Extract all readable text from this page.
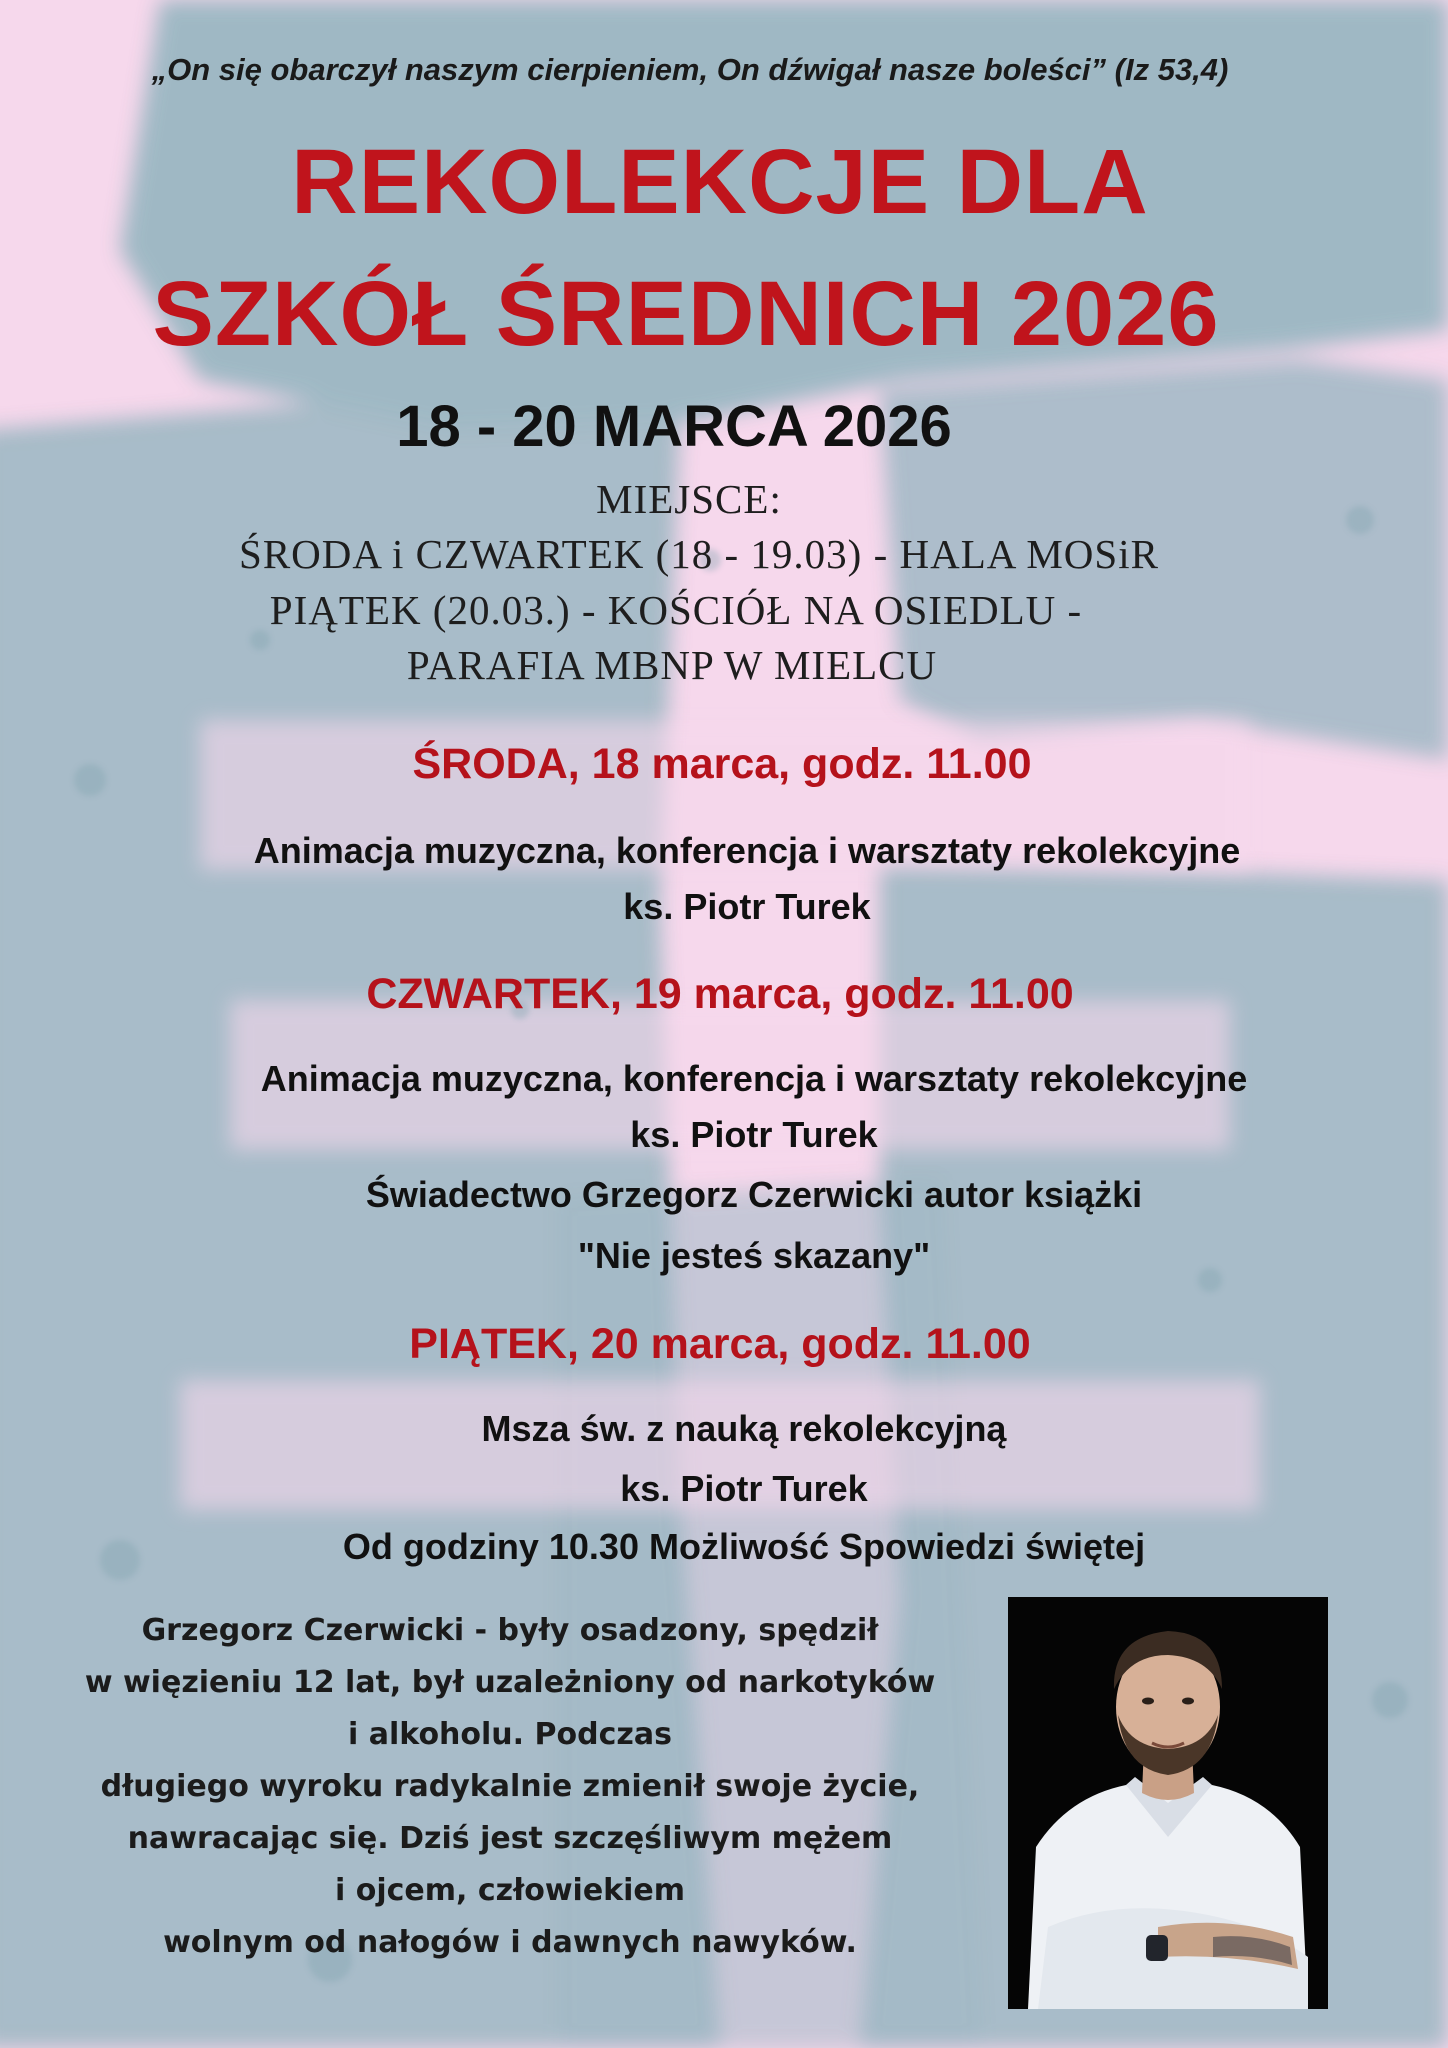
„On się obarczył naszym cierpieniem, On dźwigał nasze boleści” (Iz 53,4)
REKOLEKCJE DLA
SZKÓŁ ŚREDNICH 2026
18 - 20 MARCA 2026
MIEJSCE:
ŚRODA i CZWARTEK (18 - 19.03) - HALA MOSiR
PIĄTEK (20.03.) - KOŚCIÓŁ NA OSIEDLU -
PARAFIA MBNP W MIELCU
ŚRODA, 18 marca, godz. 11.00
Animacja muzyczna, konferencja i warsztaty rekolekcyjne
ks. Piotr Turek
CZWARTEK, 19 marca, godz. 11.00
Animacja muzyczna, konferencja i warsztaty rekolekcyjne
ks. Piotr Turek
Świadectwo Grzegorz Czerwicki autor książki
"Nie jesteś skazany"
PIĄTEK, 20 marca, godz. 11.00
Msza św. z nauką rekolekcyjną
ks. Piotr Turek
Od godziny 10.30 Możliwość Spowiedzi świętej
Grzegorz Czerwicki - były osadzony, spędził
w więzieniu 12 lat, był uzależniony od narkotyków
i alkoholu. Podczas
długiego wyroku radykalnie zmienił swoje życie,
nawracając się. Dziś jest szczęśliwym mężem
i ojcem, człowiekiem
wolnym od nałogów i dawnych nawyków.
